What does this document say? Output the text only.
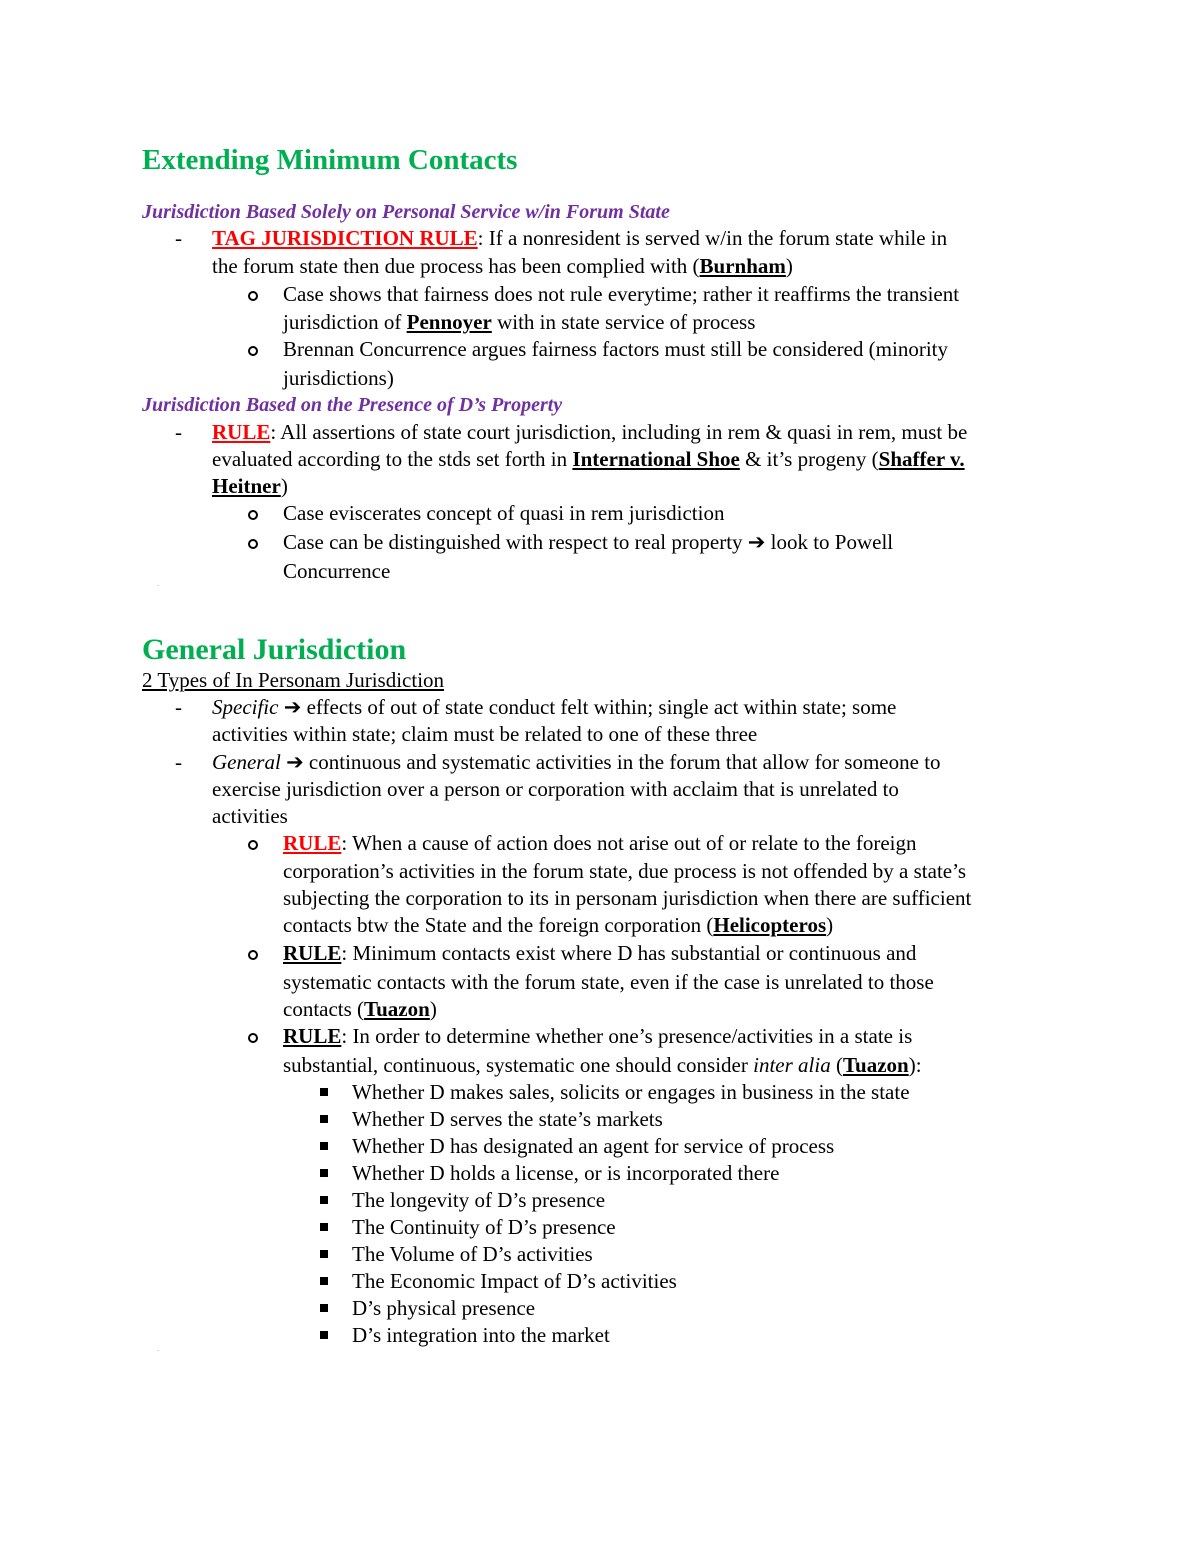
Extending Minimum Contacts

Jurisdiction Based Solely on Personal Service w/in Forum State

- TAG JURISDICTION RULE: If a nonresident is served w/in the forum state while in

the forum state then due process has been complied with (Burnham)

Case shows that fairness does not rule everytime; rather it reaffirms the transient

jurisdiction of Pennoyer with in state service of process

Brennan Concurrence argues fairness factors must still be considered (minority

jurisdictions)

Jurisdiction Based on the Presence of D’s Property

- RULE: All assertions of state court jurisdiction, including in rem & quasi in rem, must be

evaluated according to the stds set forth in International Shoe & it’s progeny (Shaffer v.

Heitner)

Case eviscerates concept of quasi in rem jurisdiction

Case can be distinguished with respect to real property ➔ look to Powell

Concurrence

.
General Jurisdiction

2 Types of In Personam Jurisdiction

- Specific ➔ effects of out of state conduct felt within; single act within state; some

activities within state; claim must be related to one of these three

- General ➔ continuous and systematic activities in the forum that allow for someone to

exercise jurisdiction over a person or corporation with acclaim that is unrelated to

activities

RULE: When a cause of action does not arise out of or relate to the foreign

corporation’s activities in the forum state, due process is not offended by a state’s

subjecting the corporation to its in personam jurisdiction when there are sufficient

contacts btw the State and the foreign corporation (Helicopteros)

RULE: Minimum contacts exist where D has substantial or continuous and

systematic contacts with the forum state, even if the case is unrelated to those

contacts (Tuazon)

RULE: In order to determine whether one’s presence/activities in a state is

substantial, continuous, systematic one should consider inter alia (Tuazon):

Whether D makes sales, solicits or engages in business in the state

Whether D serves the state’s markets

Whether D has designated an agent for service of process

Whether D holds a license, or is incorporated there

The longevity of D’s presence

The Continuity of D’s presence

The Volume of D’s activities

The Economic Impact of D’s activities

D’s physical presence

D’s integration into the market

.
